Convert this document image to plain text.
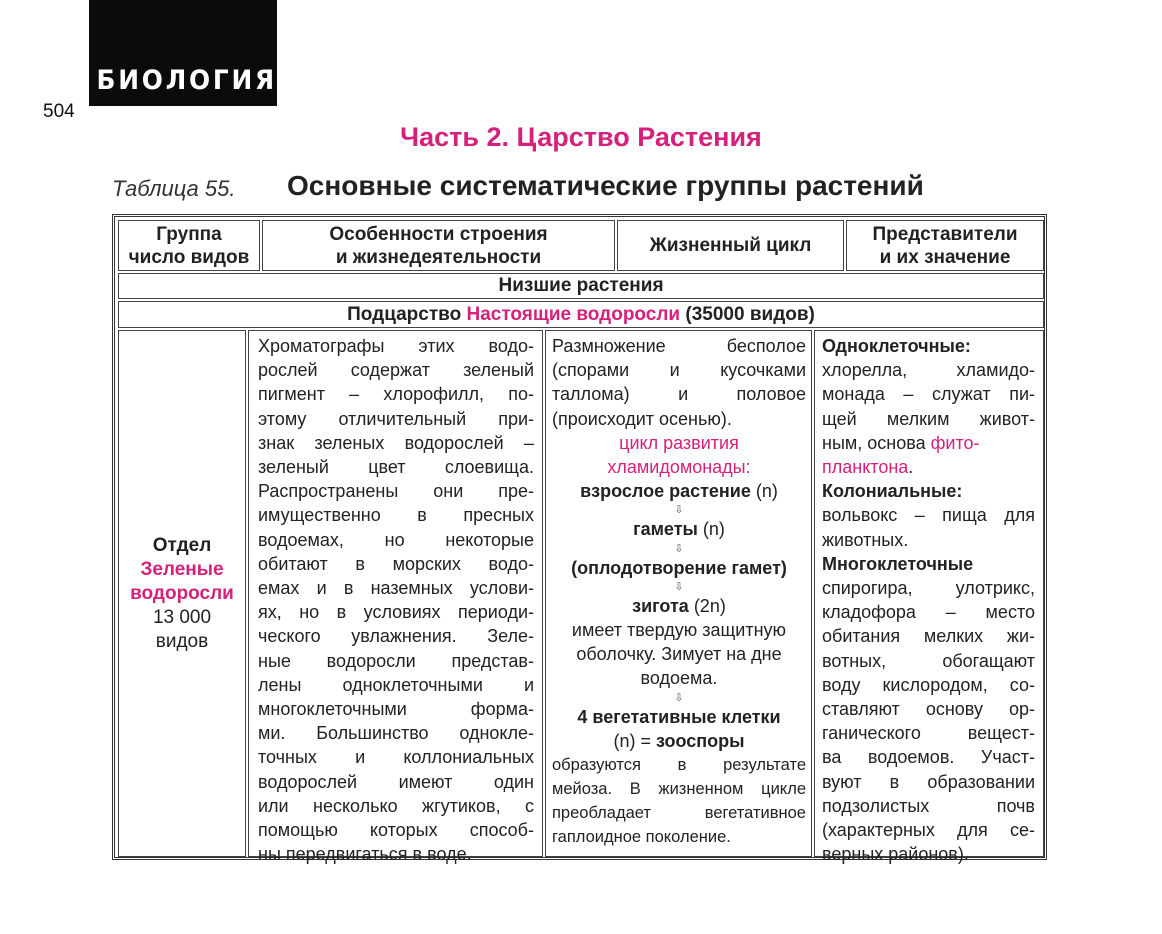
БИОЛОГИЯ
504
Часть 2. Царство Растения
Таблица 55. Основные систематические группы растений
Группа
число видов
Особенности строения
и жизнедеятельности
Жизненный цикл
Представители
и их значение
Низшие растения
Подцарство Настоящие водоросли (35000 видов)
Отдел
Зеленые
водоросли
13 000
видов
Хроматографы этих водо-
рослей содержат зеленый
пигмент – хлорофилл, по-
этому отличительный при-
знак зеленых водорослей –
зеленый цвет слоевища.
Распространены они пре-
имущественно в пресных
водоемах, но некоторые
обитают в морских водо-
емах и в наземных услови-
ях, но в условиях периоди-
ческого увлажнения. Зеле-
ные водоросли представ-
лены одноклеточными и
многоклеточными форма-
ми. Большинство однокле-
точных и коллониальных
водорослей имеют один
или несколько жгутиков, с
помощью которых способ-
ны передвигаться в воде.
Размножение бесполое
(спорами и кусочками
таллома) и половое
(происходит осенью).
цикл развития
хламидомонады:
взрослое растение (n)
⇩
гаметы (n)
⇩
(оплодотворение гамет)
⇩
зигота (2n)
имеет твердую защитную
оболочку. Зимует на дне
водоема.
⇩
4 вегетативные клетки
(n) = зооспоры
образуются в результате
мейоза. В жизненном цикле
преобладает вегетативное
гаплоидное поколение.
Одноклеточные:
хлорелла, хламидо-
монада – служат пи-
щей мелким живот-
ным, основа фито-
планктона.
Колониальные:
вольвокс – пища для
животных.
Многоклеточные
спирогира, улотрикс,
кладофора – место
обитания мелких жи-
вотных, обогащают
воду кислородом, со-
ставляют основу ор-
ганического вещест-
ва водоемов. Участ-
вуют в образовании
подзолистых почв
(характерных для се-
верных районов).
